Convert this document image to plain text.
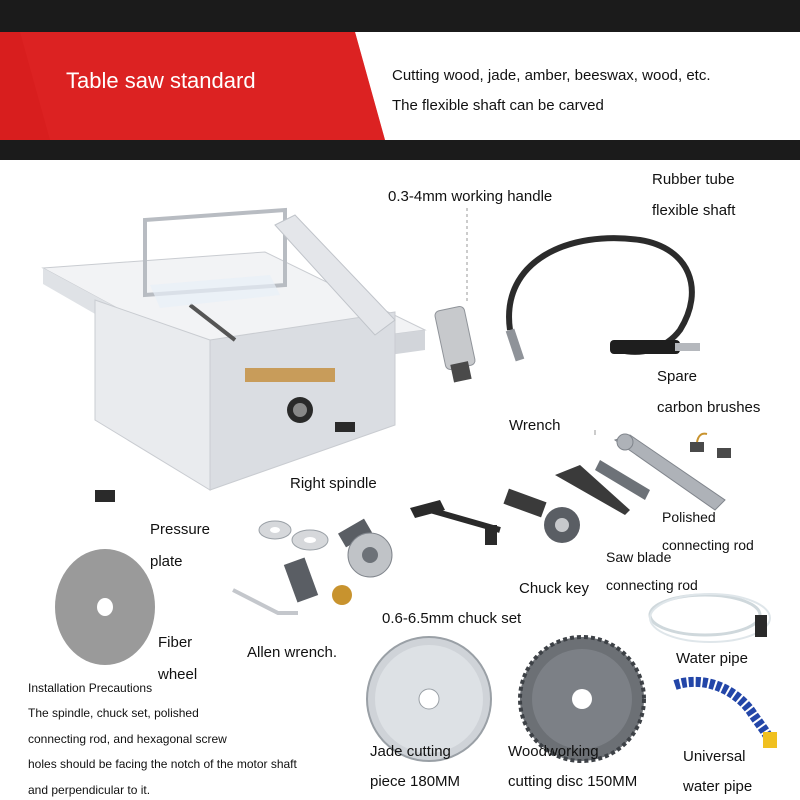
Table saw standard	Cutting wood, jade, amber, beeswax, wood, etc.
The flexible shaft can be carved
0.3-4mm working handle
Rubber tube
flexible shaft
Spare
carbon brushes
Wrench
Right spindle
Pressure
plate
Chuck key
Saw blade
connecting rod
Polished
connecting rod
0.6-6.5mm chuck set
Allen wrench.
Fiber
wheel
Water pipe
Jade cutting
piece 180MM
Woodworking
cutting disc 150MM
Universal
water pipe
Installation Precautions
The spindle, chuck set, polished
connecting rod, and hexagonal screw
holes should be facing the notch of the motor shaft
and perpendicular to it.
